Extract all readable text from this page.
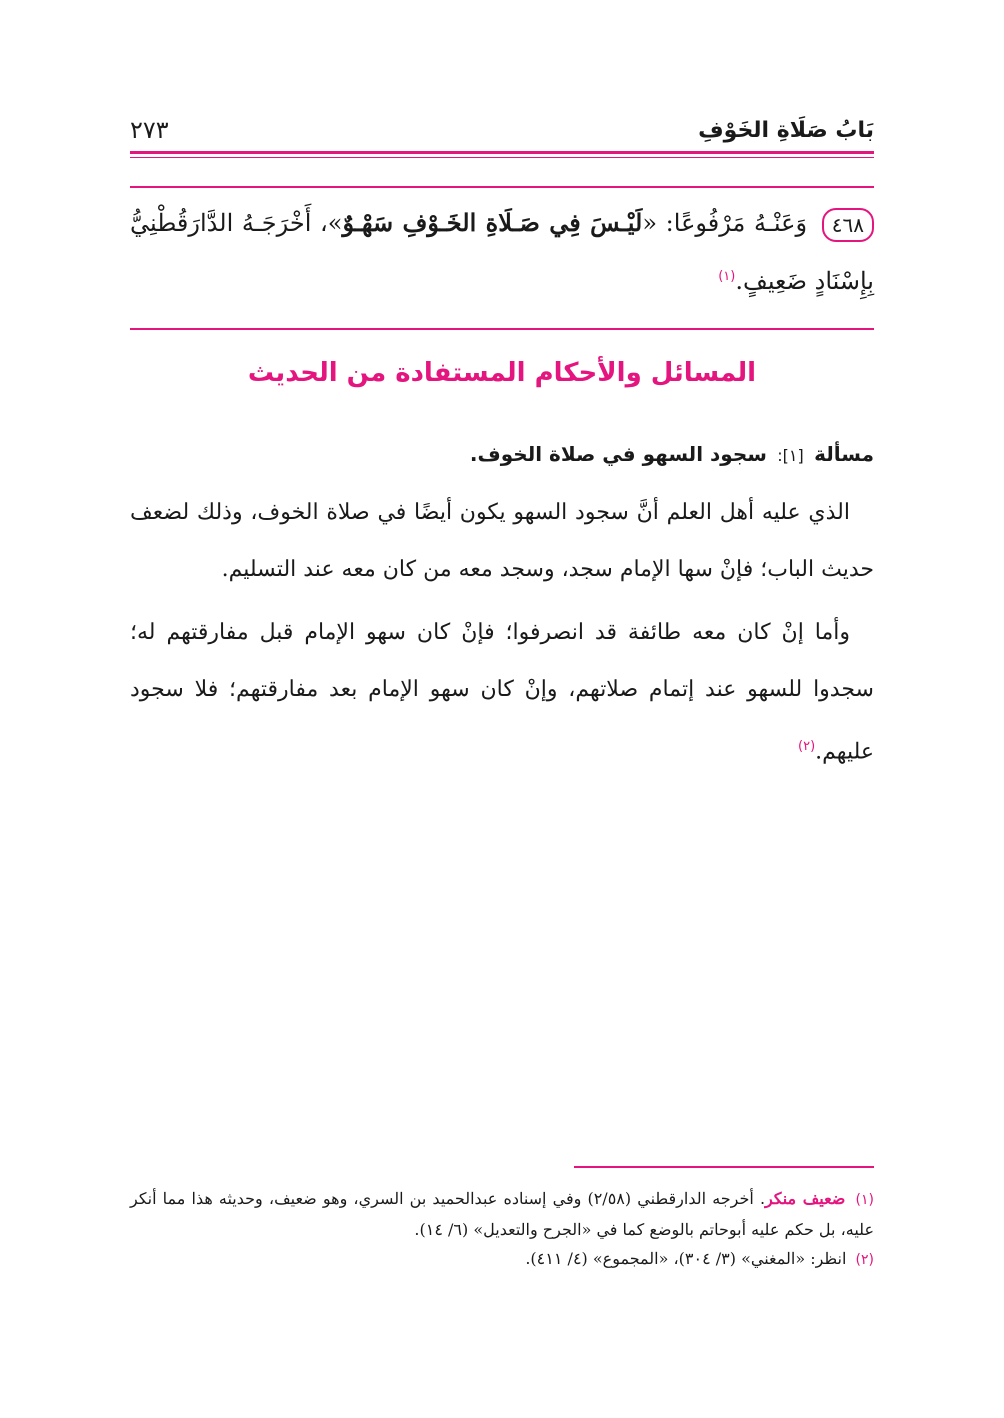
بَابُ صَلَاةِ الخَوْفِ
٢٧٣
٤٦٨ وَعَنْـهُ مَرْفُوعًا: «لَيْـسَ فِي صَـلَاةِ الخَـوْفِ سَهْـوٌ»، أَخْرَجَـهُ الدَّارَقُطْنِيُّ بِإِسْنَادٍ ضَعِيفٍ.$^{(١)}$
المسائل والأحكام المستفادة من الحديث

مسألة [١]: سجود السهو في صلاة الخوف.

الذي عليه أهل العلم أنَّ سجود السهو يكون أيضًا في صلاة الخوف، وذلك لضعف حديث الباب؛ فإنْ سها الإمام سجد، وسجد معه من كان معه عند التسليم.

وأما إنْ كان معه طائفة قد انصرفوا؛ فإنْ كان سهو الإمام قبل مفارقتهم له؛ سجدوا للسهو عند إتمام صلاتهم، وإنْ كان سهو الإمام بعد مفارقتهم؛ فلا سجود عليهم.$^{(٢)}$

(١) ضعيف منكر. أخرجه الدارقطني (٢/٥٨) وفي إسناده عبدالحميد بن السري، وهو ضعيف، وحديثه هذا مما أنكر عليه، بل حكم عليه أبوحاتم بالوضع كما في «الجرح والتعديل» (٦/ ١٤).

(٢) انظر: «المغني» (٣/ ٣٠٤)، «المجموع» (٤/ ٤١١).
